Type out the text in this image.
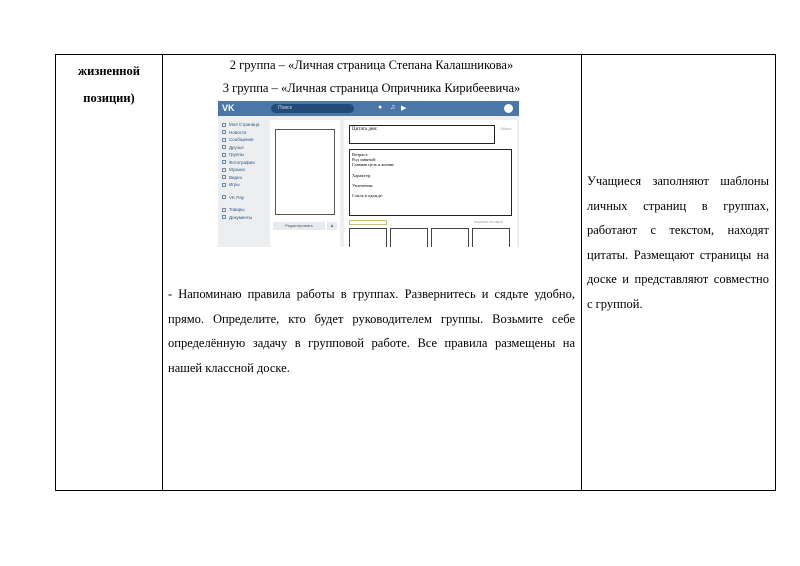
жизненной
позиции)
2 группа – «Личная страница Степана Калашникова»
3 группа – «Личная страница Опричника Кирибеевича»
VK	Поиск	● ♫ ▶
Моя Страница
Новости
Сообщения
Друзья
Группы
Фотографии
Музыка
Видео
Игры
VK Pay
Товары
Документы
Редактировать	▲
Цитата дня:	Online
Возраст:
Род занятий:
Главная цель в жизни:
Характер:
Увлечения:
Стиль в одежде:
показать на карте
- Напоминаю правила работы в группах. Развернитесь и сядьте удобно, прямо. Определите, кто будет руководителем группы. Возьмите себе определённую задачу в групповой работе. Все правила размещены на нашей классной доске.
Учащиеся заполняют шаблоны личных страниц в группах, работают с текстом, находят цитаты. Размещают страницы на доске и представляют совместно с группой.
